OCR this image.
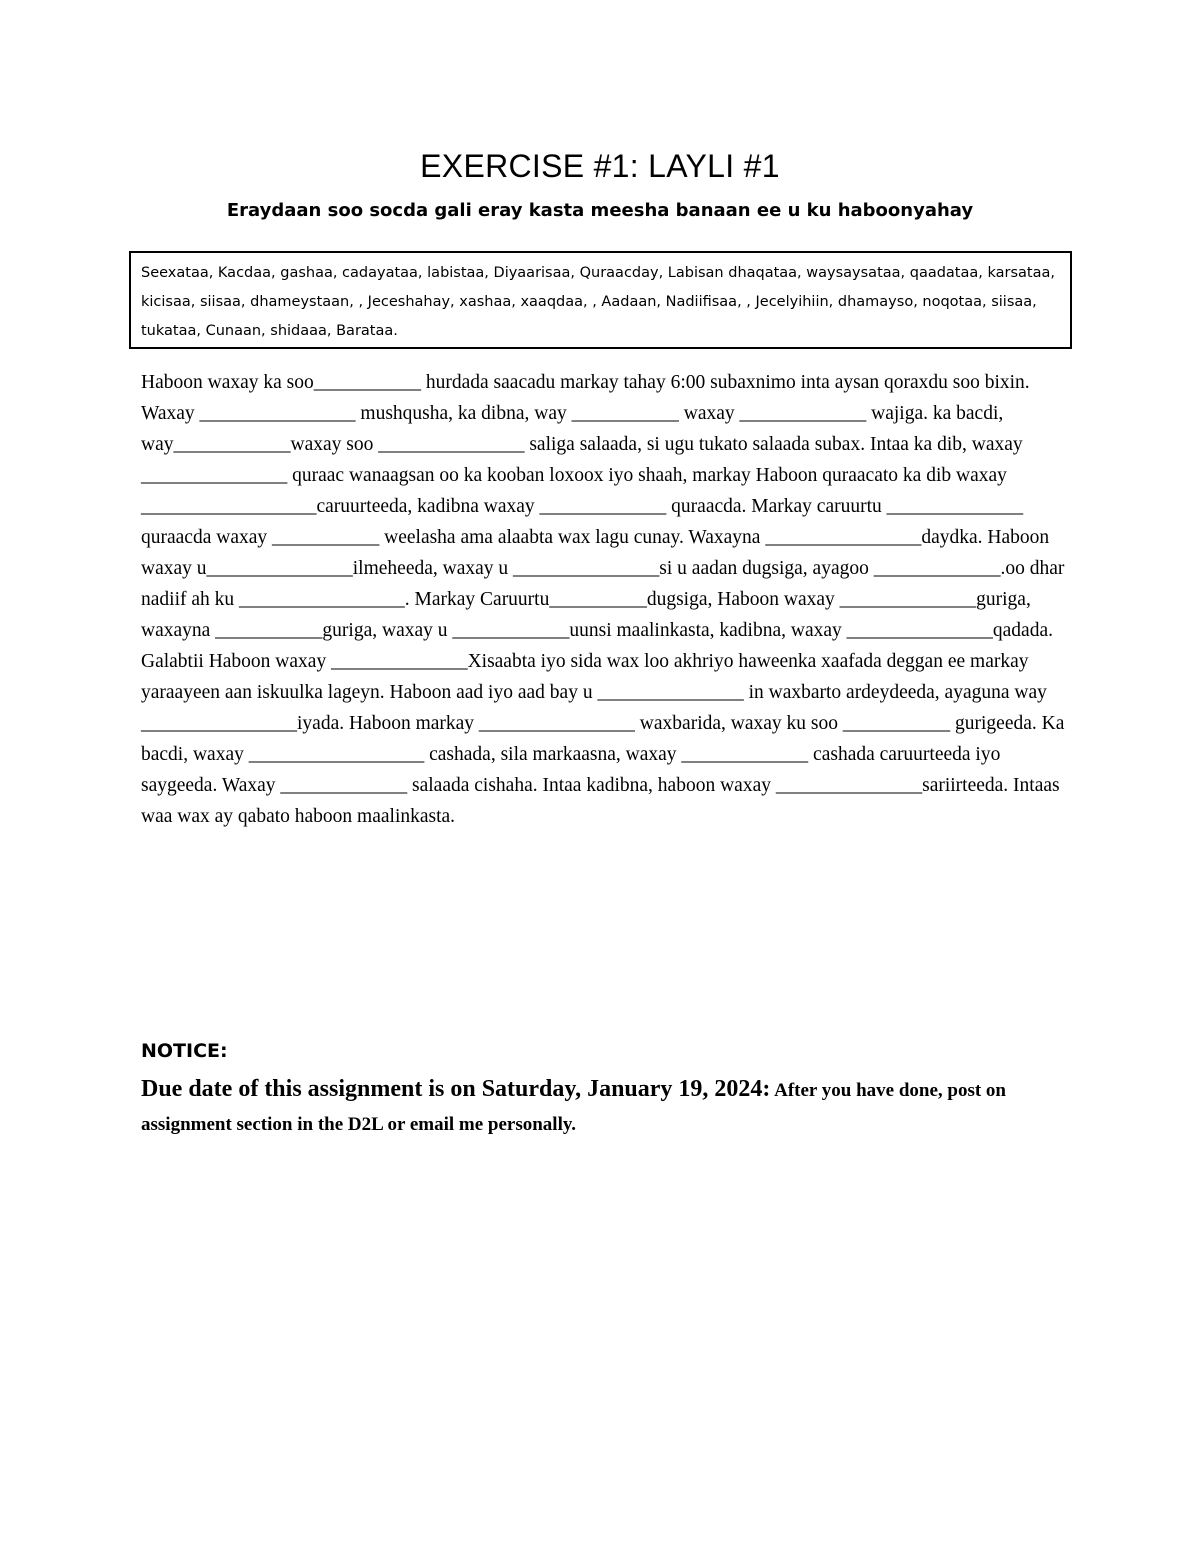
EXERCISE #1: LAYLI #1
Eraydaan soo socda gali eray kasta meesha banaan ee u ku haboonyahay
Seexataa, Kacdaa, gashaa, cadayataa, labistaa, Diyaarisaa, Quraacday, Labisan dhaqataa, waysaysataa, qaadataa, karsataa, kicisaa, siisaa, dhameystaan, , Jeceshahay, xashaa, xaaqdaa, , Aadaan, Nadiifisaa, , Jecelyihiin, dhamayso, noqotaa, siisaa, tukataa, Cunaan, shidaaa, Barataa.
Haboon waxay ka soo___________ hurdada saacadu markay tahay 6:00 subaxnimo inta aysan qoraxdu soo bixin. Waxay ________________ mushqusha, ka dibna, way ___________ waxay _____________ wajiga. ka bacdi, way____________waxay soo _______________ saliga salaada, si ugu tukato salaada subax. Intaa ka dib, waxay _______________ quraac wanaagsan oo ka kooban loxoox iyo shaah, markay Haboon quraacato ka dib waxay __________________caruurteeda, kadibna waxay _____________ quraacda. Markay caruurtu ______________ quraacda waxay ___________ weelasha ama alaabta wax lagu cunay. Waxayna ________________daydka. Haboon waxay u_______________ilmeheeda, waxay u _______________si u aadan dugsiga, ayagoo _____________.oo dhar nadiif ah ku _________________. Markay Caruurtu__________dugsiga, Haboon waxay ______________guriga, waxayna ___________guriga, waxay u ____________uunsi maalinkasta, kadibna, waxay _______________qadada. Galabtii Haboon waxay ______________Xisaabta iyo sida wax loo akhriyo haweenka xaafada deggan ee markay yaraayeen aan iskuulka lageyn. Haboon aad iyo aad bay u _______________ in waxbarto ardeydeeda, ayaguna way ________________iyada. Haboon markay ________________ waxbarida, waxay ku soo ___________ gurigeeda. Ka bacdi, waxay __________________ cashada, sila markaasna, waxay _____________ cashada caruurteeda iyo saygeeda. Waxay _____________ salaada cishaha. Intaa kadibna, haboon waxay _______________sariirteeda. Intaas waa wax ay qabato haboon maalinkasta.
NOTICE:
Due date of this assignment is on Saturday, January 19, 2024: After you have done, post on assignment section in the D2L or email me personally.
